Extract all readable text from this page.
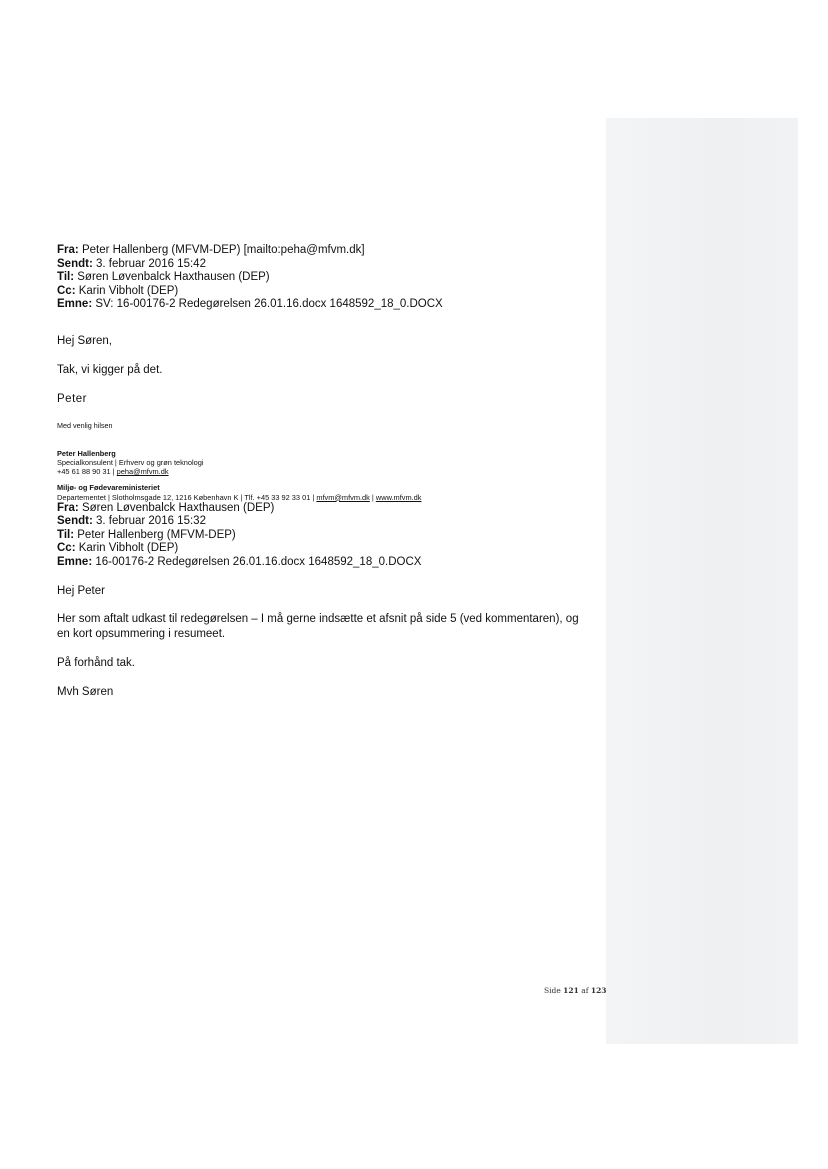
Fra: Peter Hallenberg (MFVM-DEP) [mailto:peha@mfvm.dk]
Sendt: 3. februar 2016 15:42
Til: Søren Løvenbalck Haxthausen (DEP)
Cc: Karin Vibholt (DEP)
Emne: SV: 16-00176-2 Redegørelsen 26.01.16.docx 1648592_18_0.DOCX

Hej Søren,

Tak, vi kigger på det.

Peter

Med venlig hilsen
Peter Hallenberg
Specialkonsulent | Erhverv og grøn teknologi
+45 61 88 90 31 | peha@mfvm.dk
Miljø- og Fødevareministeriet
Departementet | Slotholmsgade 12, 1216 København K | Tlf. +45 33 92 33 01 | mfvm@mfvm.dk | www.mfvm.dk
Fra: Søren Løvenbalck Haxthausen (DEP)
Sendt: 3. februar 2016 15:32
Til: Peter Hallenberg (MFVM-DEP)
Cc: Karin Vibholt (DEP)
Emne: 16-00176-2 Redegørelsen 26.01.16.docx 1648592_18_0.DOCX

Hej Peter

Her som aftalt udkast til redegørelsen – I må gerne indsætte et afsnit på side 5 (ved kommentaren), og en kort opsummering i resumeet.

På forhånd tak.

Mvh Søren

Side 121 af 123
